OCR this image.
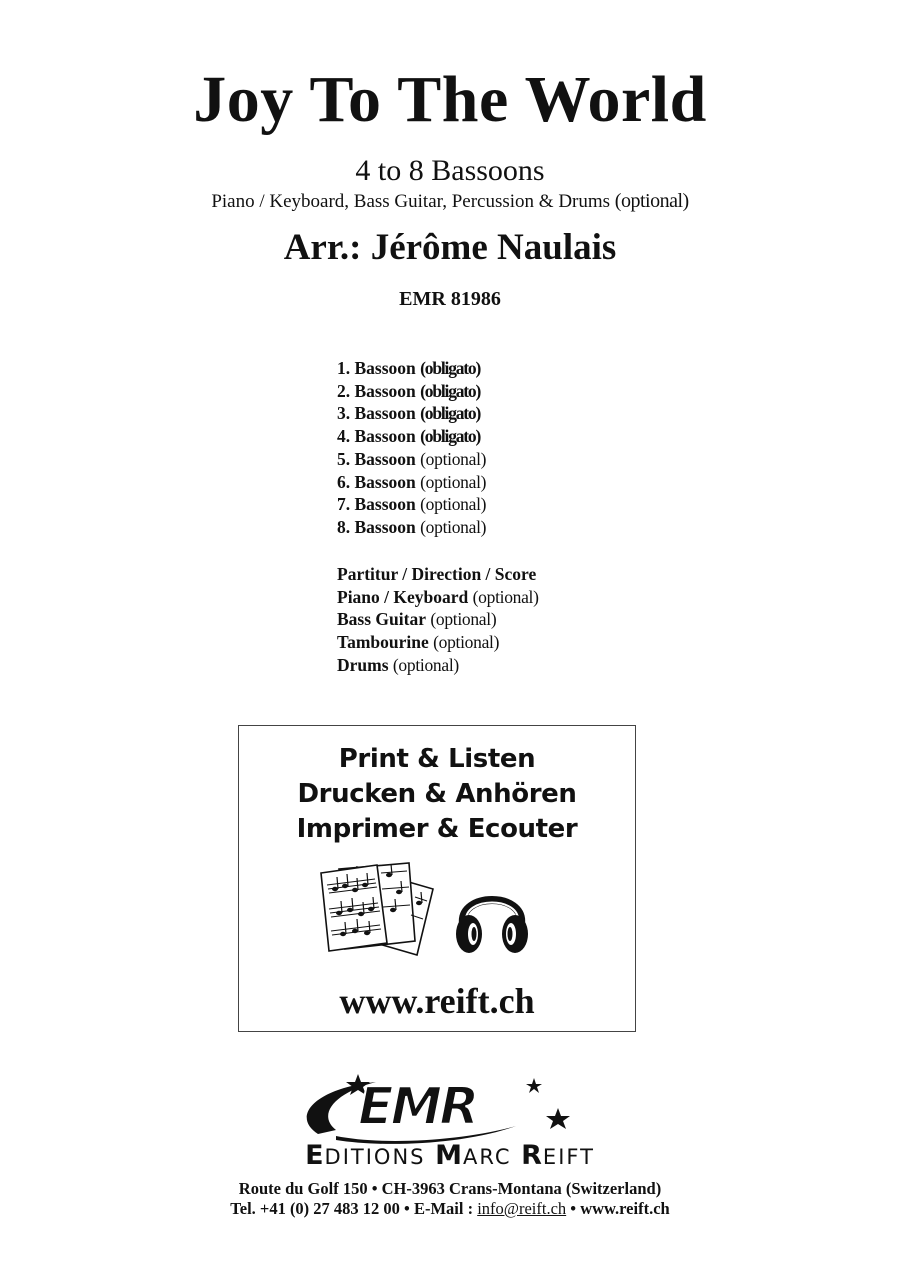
Joy To The World
4 to 8 Bassoons
Piano / Keyboard, Bass Guitar, Percussion & Drums (optional)
Arr.: Jérôme Naulais
EMR 81986
1. Bassoon (obligato)
2. Bassoon (obligato)
3. Bassoon (obligato)
4. Bassoon (obligato)
5. Bassoon (optional)
6. Bassoon (optional)
7. Bassoon (optional)
8. Bassoon (optional)
Partitur / Direction / Score
Piano / Keyboard (optional)
Bass Guitar (optional)
Tambourine (optional)
Drums (optional)
Print & Listen
Drucken & Anhören
Imprimer & Ecouter
www.reift.ch
EMR
EDITIONS MARC REIFT
Route du Golf 150 • CH-3963 Crans-Montana (Switzerland)
Tel. +41 (0) 27 483 12 00 • E-Mail : info@reift.ch • www.reift.ch
